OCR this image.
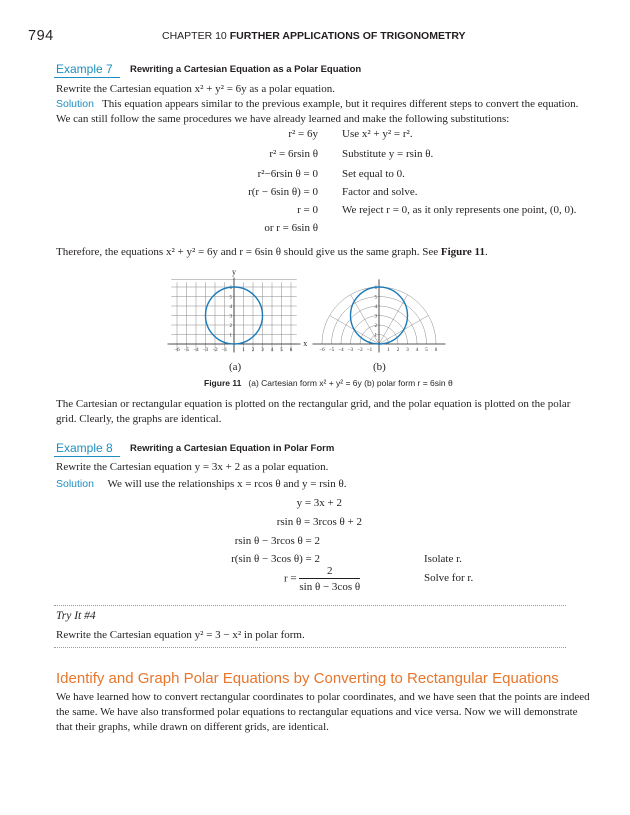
794	CHAPTER 10 FURTHER APPLICATIONS OF TRIGONOMETRY
Example 7 Rewriting a Cartesian Equation as a Polar Equation
Rewrite the Cartesian equation x² + y² = 6y as a polar equation.
Solution This equation appears similar to the previous example, but it requires different steps to convert the equation.
We can still follow the same procedures we have already learned and make the following substitutions:
r² = 6y Use x² + y² = r².
r² = 6rsin θ Substitute y = rsin θ.
r²−6rsin θ = 0 Set equal to 0.
r(r − 6sin θ) = 0 Factor and solve.
r = 0 We reject r = 0, as it only represents one point, (0, 0).
or r = 6sin θ
Therefore, the equations x² + y² = 6y and r = 6sin θ should give us the same graph. See Figure 11.
x
y
−6 −5 −4 −3 −2 −1	1 2 3 4 5 6
1
2
3
4
5
6
−6 −5 −4 −3 −2 −1	1 2 3 4 5 6
1
2
3
4
5
6
(a)	(b)
Figure 11 (a) Cartesian form x² + y² = 6y (b) polar form r = 6sin θ
The Cartesian or rectangular equation is plotted on the rectangular grid, and the polar equation is plotted on the polar
grid. Clearly, the graphs are identical.
Example 8 Rewriting a Cartesian Equation in Polar Form
Rewrite the Cartesian equation y = 3x + 2 as a polar equation.
Solution We will use the relationships x = rcos θ and y = rsin θ.
y = 3x + 2
rsin θ = 3rcos θ + 2
rsin θ − 3rcos θ = 2
r(sin θ − 3cos θ) = 2	Isolate r.
$r = \frac{2}{\text{sin θ − 3cos θ}}$	Solve for r.
Try It #4
Rewrite the Cartesian equation y² = 3 − x² in polar form.
Identify and Graph Polar Equations by Converting to Rectangular Equations
We have learned how to convert rectangular coordinates to polar coordinates, and we have seen that the points are indeed
the same. We have also transformed polar equations to rectangular equations and vice versa. Now we will demonstrate
that their graphs, while drawn on different grids, are identical.
